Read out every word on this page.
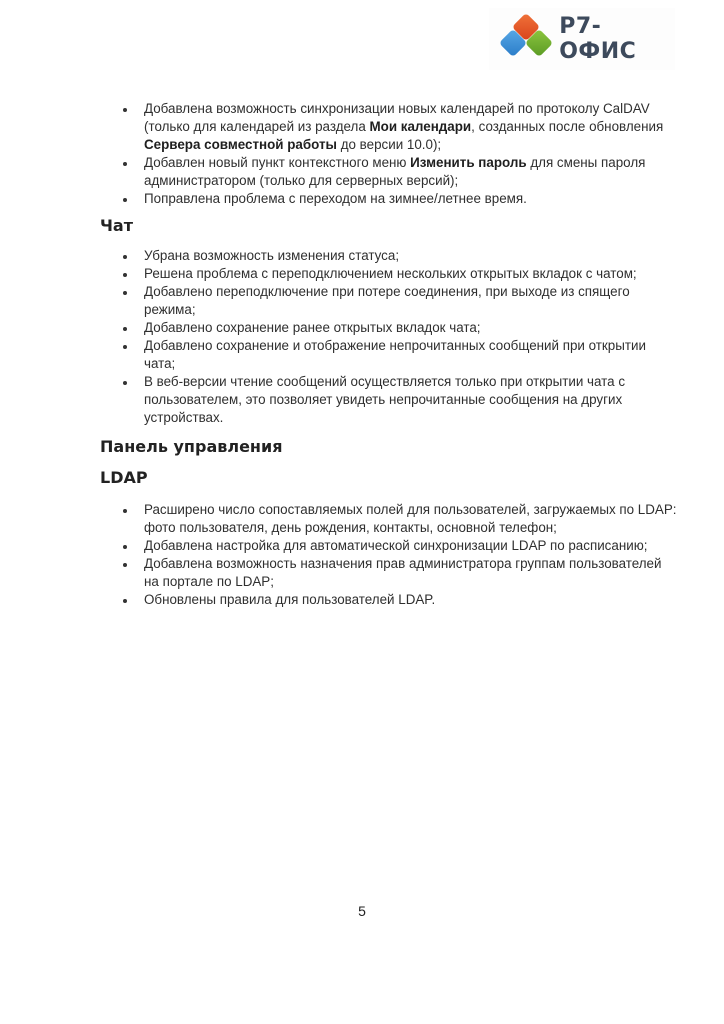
Р7-ОФИС
Добавлена возможность синхронизации новых календарей по протоколу CalDAV (только для календарей из раздела Мои календари, созданных после обновления Сервера совместной работы до версии 10.0);
Добавлен новый пункт контекстного меню Изменить пароль для смены пароля администратором (только для серверных версий);
Поправлена проблема с переходом на зимнее/летнее время.
Чат
Убрана возможность изменения статуса;
Решена проблема с переподключением нескольких открытых вкладок с чатом;
Добавлено переподключение при потере соединения, при выходе из спящего режима;
Добавлено сохранение ранее открытых вкладок чата;
Добавлено сохранение и отображение непрочитанных сообщений при открытии чата;
В веб-версии чтение сообщений осуществляется только при открытии чата с пользователем, это позволяет увидеть непрочитанные сообщения на других устройствах.
Панель управления
LDAP
Расширено число сопоставляемых полей для пользователей, загружаемых по LDAP: фото пользователя, день рождения, контакты, основной телефон;
Добавлена настройка для автоматической синхронизации LDAP по расписанию;
Добавлена возможность назначения прав администратора группам пользователей на портале по LDAP;
Обновлены правила для пользователей LDAP.
5
